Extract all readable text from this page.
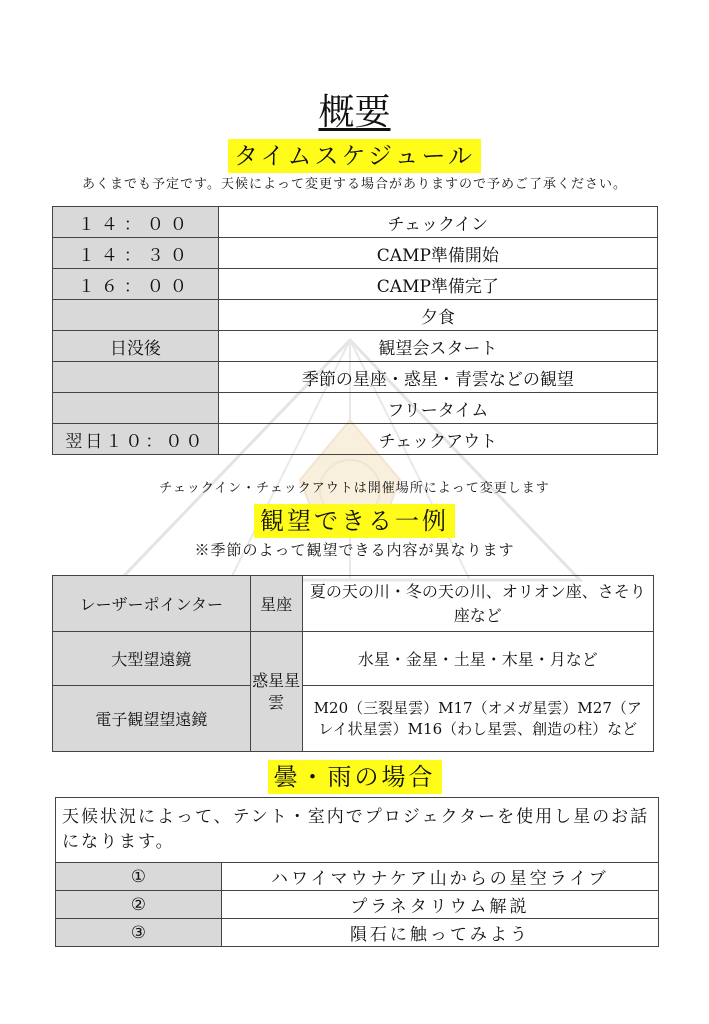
概要
タイムスケジュール
あくまでも予定です。天候によって変更する場合がありますので予めご了承ください。
１４：００	チェックイン
１４：３０	CAMP準備開始
１６：００	CAMP準備完了
	夕食
日没後	観望会スタート
	季節の星座・惑星・青雲などの観望
	フリータイム
翌日１０：００	チェックアウト
チェックイン・チェックアウトは開催場所によって変更します
観望できる一例
※季節のよって観望できる内容が異なります
レーザーポインター	星座	夏の天の川・冬の天の川、オリオン座、さそり座など
大型望遠鏡	惑星星雲	水星・金星・土星・木星・月など
電子観望望遠鏡		M20（三裂星雲）M17（オメガ星雲）M27（アレイ状星雲）M16（わし星雲、創造の柱）など
曇・雨の場合
天候状況によって、テント・室内でプロジェクターを使用し星のお話になります。	
①	ハワイマウナケア山からの星空ライブ
②	プラネタリウム解説
③	隕石に触ってみよう
